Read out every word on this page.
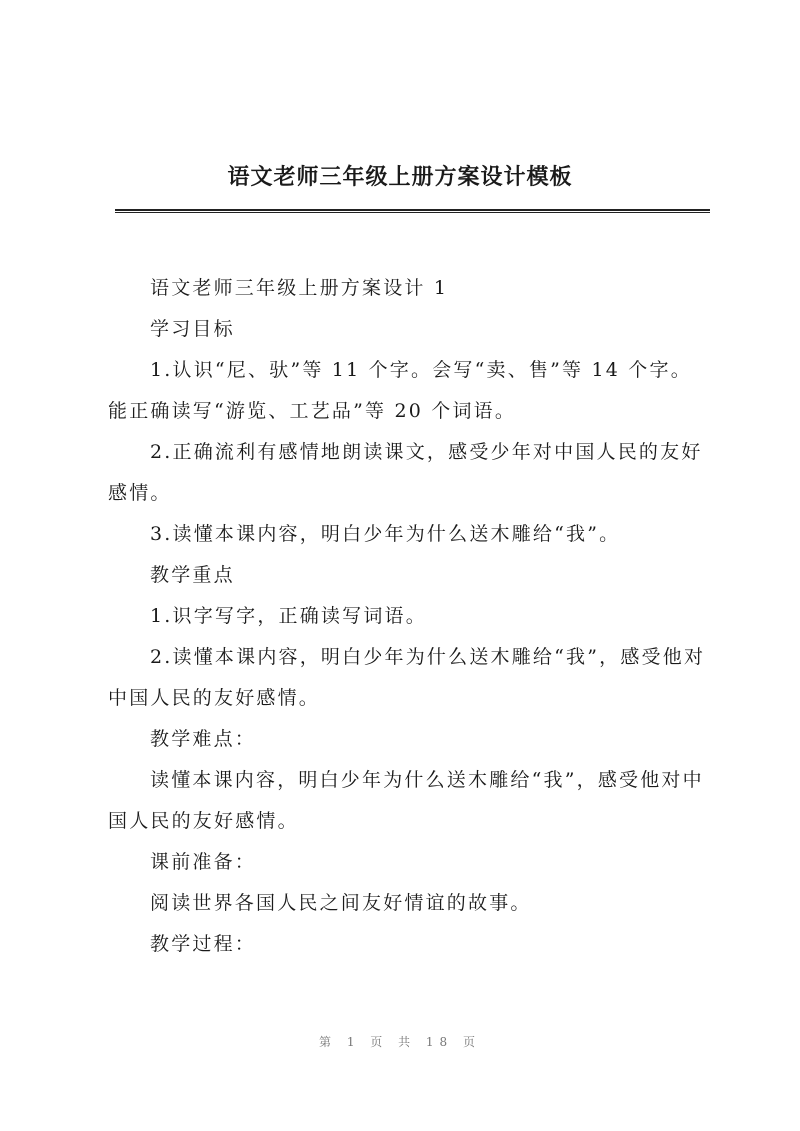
语文老师三年级上册方案设计模板

语文老师三年级上册方案设计 1

学习目标

1.认识“尼、驮”等 11 个字。会写“卖、售”等 14 个字。能正确读写“游览、工艺品”等 20 个词语。

2.正确流利有感情地朗读课文，感受少年对中国人民的友好感情。

3.读懂本课内容，明白少年为什么送木雕给“我”。

教学重点

1.识字写字，正确读写词语。

2.读懂本课内容，明白少年为什么送木雕给“我”，感受他对中国人民的友好感情。

教学难点：

读懂本课内容，明白少年为什么送木雕给“我”，感受他对中国人民的友好感情。

课前准备：

阅读世界各国人民之间友好情谊的故事。

教学过程：

第 1 页 共 18 页
